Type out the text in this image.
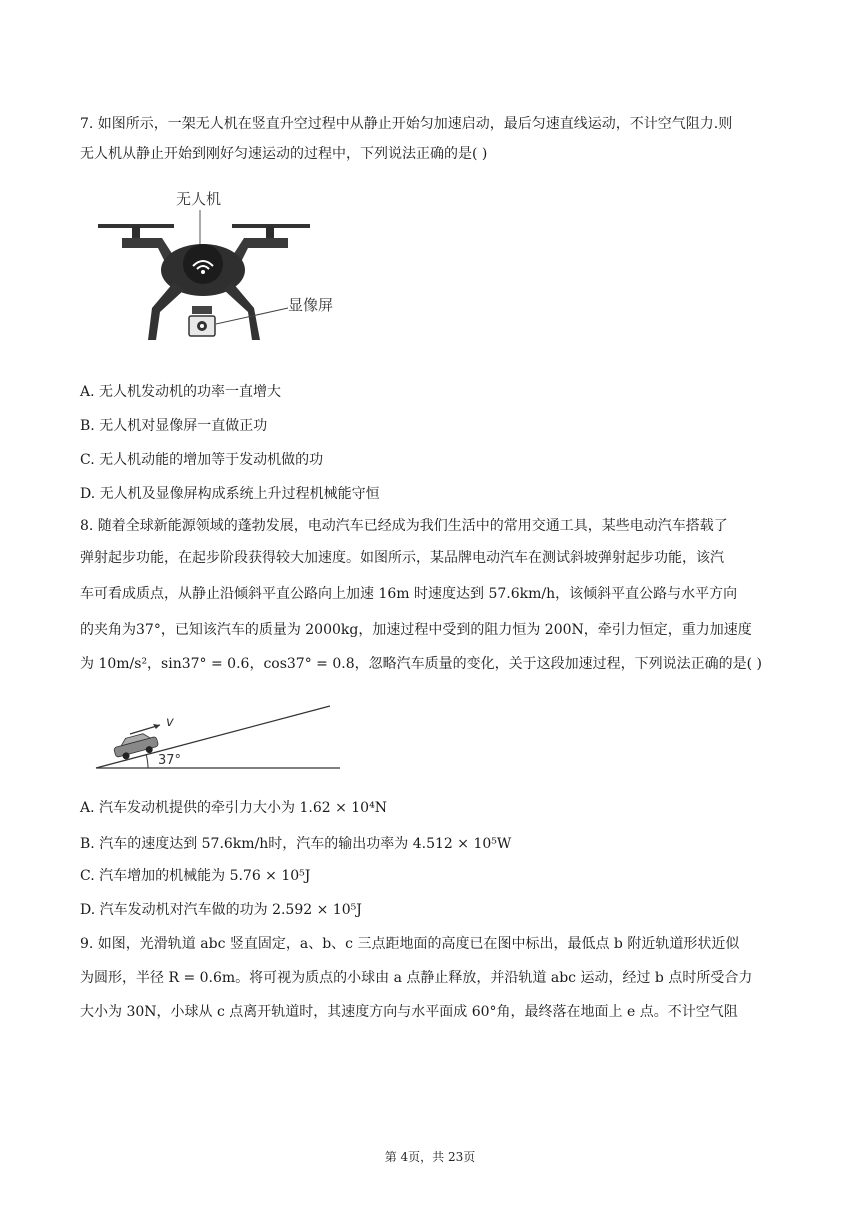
7. 如图所示，一架无人机在竖直升空过程中从静止开始匀加速启动，最后匀速直线运动，不计空气阻力.则
无人机从静止开始到刚好匀速运动的过程中，下列说法正确的是( )
无人机
显像屏
A. 无人机发动机的功率一直增大
B. 无人机对显像屏一直做正功
C. 无人机动能的增加等于发动机做的功
D. 无人机及显像屏构成系统上升过程机械能守恒
8. 随着全球新能源领域的蓬勃发展，电动汽车已经成为我们生活中的常用交通工具，某些电动汽车搭载了
弹射起步功能，在起步阶段获得较大加速度。如图所示，某品牌电动汽车在测试斜坡弹射起步功能，该汽
车可看成质点，从静止沿倾斜平直公路向上加速 16m 时速度达到 57.6km/h，该倾斜平直公路与水平方向
的夹角为37°，已知该汽车的质量为 2000kg，加速过程中受到的阻力恒为 200N，牵引力恒定，重力加速度
为 10m/s²，sin37° = 0.6，cos37° = 0.8，忽略汽车质量的变化，关于这段加速过程，下列说法正确的是( )
v
37°
A. 汽车发动机提供的牵引力大小为 1.62 × 10⁴N
B. 汽车的速度达到 57.6km/h时，汽车的输出功率为 4.512 × 10⁵W
C. 汽车增加的机械能为 5.76 × 10⁵J
D. 汽车发动机对汽车做的功为 2.592 × 10⁵J
9. 如图，光滑轨道 abc 竖直固定，a、b、c 三点距地面的高度已在图中标出，最低点 b 附近轨道形状近似
为圆形，半径 R = 0.6m。将可视为质点的小球由 a 点静止释放，并沿轨道 abc 运动，经过 b 点时所受合力
大小为 30N，小球从 c 点离开轨道时，其速度方向与水平面成 60°角，最终落在地面上 e 点。不计空气阻
第 4页，共 23页
